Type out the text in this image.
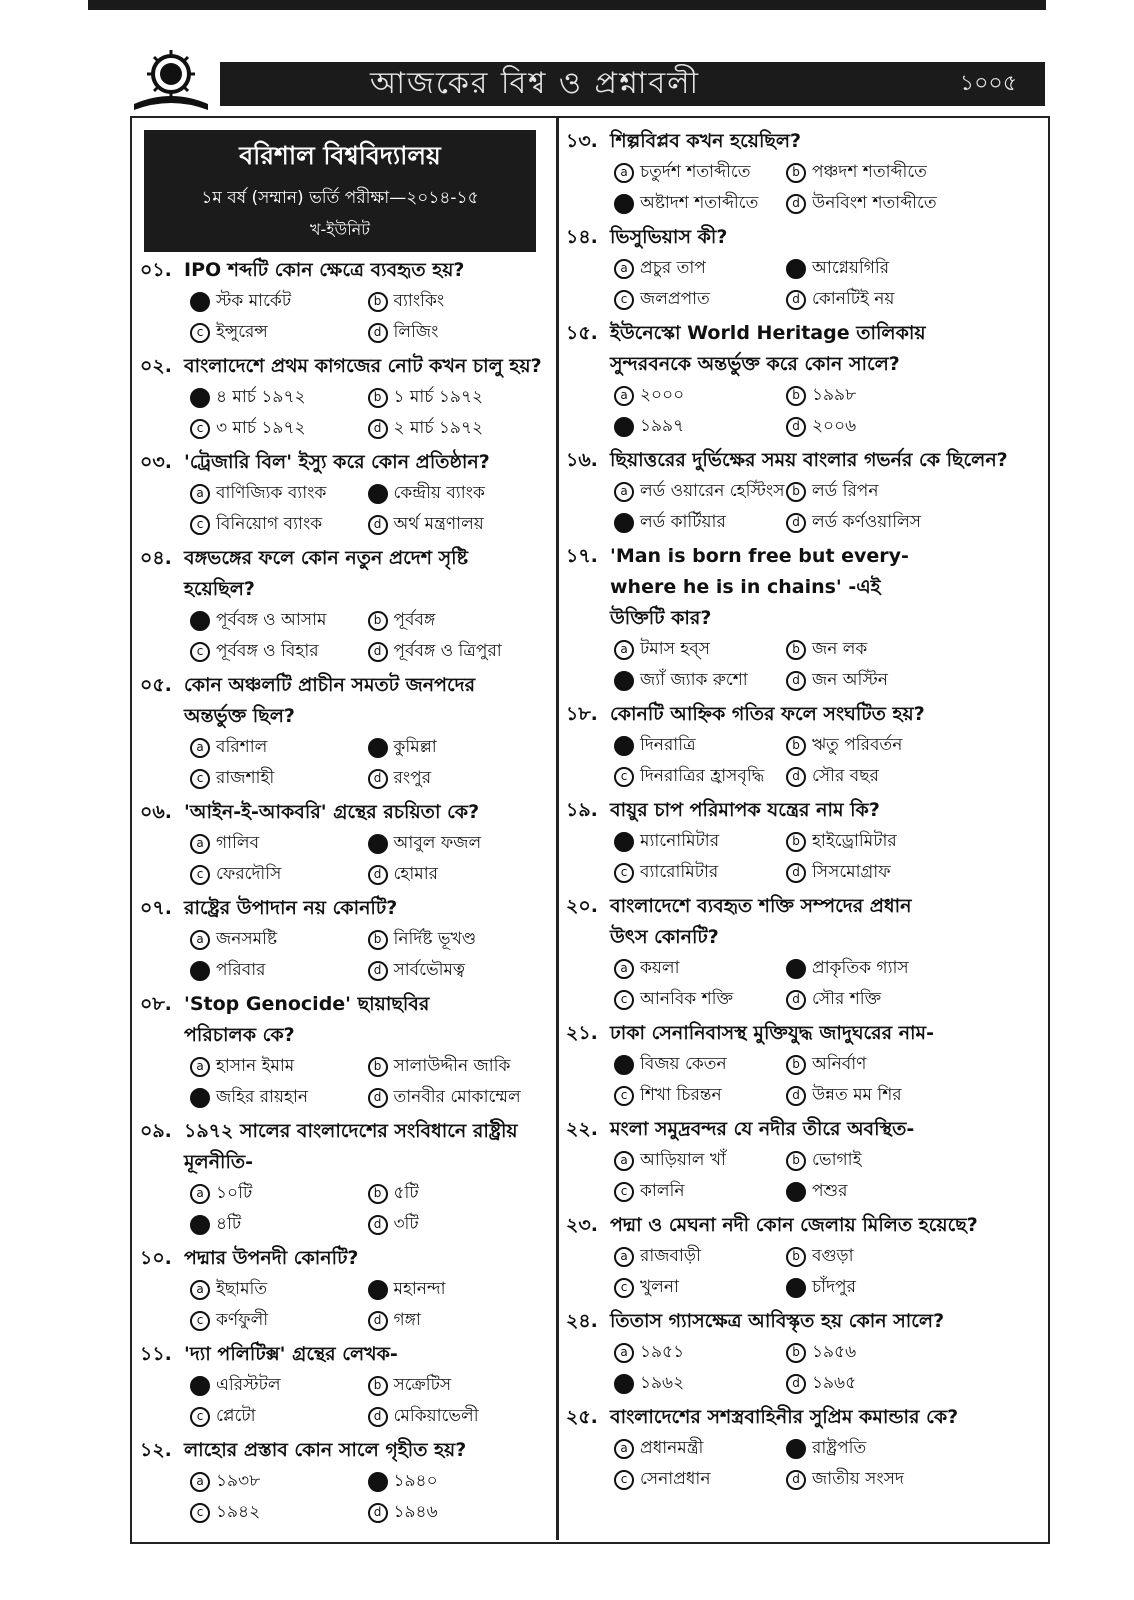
আজকের বিশ্ব ও প্রশ্নাবলী	১০০৫
বরিশাল বিশ্ববিদ্যালয়
১ম বর্ষ (সম্মান) ভর্তি পরীক্ষা—২০১৪-১৫
খ-ইউনিট
০১. IPO শব্দটি কোন ক্ষেত্রে ব্যবহৃত হয়?
স্টক মার্কেট	b ব্যাংকিং
c ইন্সুরেন্স	d লিজিং
০২. বাংলাদেশে প্রথম কাগজের নোট কখন চালু হয়?
৪ মার্চ ১৯৭২	b ১ মার্চ ১৯৭২
c ৩ মার্চ ১৯৭২	d ২ মার্চ ১৯৭২
০৩. 'ট্রেজারি বিল' ইস্যু করে কোন প্রতিষ্ঠান?
a বাণিজ্যিক ব্যাংক	কেন্দ্রীয় ব্যাংক
c বিনিয়োগ ব্যাংক	d অর্থ মন্ত্রণালয়
০৪. বঙ্গভঙ্গের ফলে কোন নতুন প্রদেশ সৃষ্টি
হয়েছিল?
পূর্ববঙ্গ ও আসাম	b পূর্ববঙ্গ
c পূর্ববঙ্গ ও বিহার	d পূর্ববঙ্গ ও ত্রিপুরা
০৫. কোন অঞ্চলটি প্রাচীন সমতট জনপদের
অন্তর্ভুক্ত ছিল?
a বরিশাল	কুমিল্লা
c রাজশাহী	d রংপুর
০৬. 'আইন-ই-আকবরি' গ্রন্থের রচয়িতা কে?
a গালিব	আবুল ফজল
c ফেরদৌসি	d হোমার
০৭. রাষ্ট্রের উপাদান নয় কোনটি?
a জনসমষ্টি	b নির্দিষ্ট ভূখণ্ড
পরিবার	d সার্বভৌমত্ব
০৮. 'Stop Genocide' ছায়াছবির
পরিচালক কে?
a হাসান ইমাম	b সালাউদ্দীন জাকি
জহির রায়হান	d তানবীর মোকাম্মেল
০৯. ১৯৭২ সালের বাংলাদেশের সংবিধানে রাষ্ট্রীয়
মূলনীতি-
a ১০টি	b ৫টি
৪টি	d ৩টি
১০. পদ্মার উপনদী কোনটি?
a ইছামতি	মহানন্দা
c কর্ণফুলী	d গঙ্গা
১১. 'দ্যা পলিটিক্স' গ্রন্থের লেখক-
এরিস্টটল	b সক্রেটিস
c প্লেটো	d মেকিয়াভেলী
১২. লাহোর প্রস্তাব কোন সালে গৃহীত হয়?
a ১৯৩৮	১৯৪০
c ১৯৪২	d ১৯৪৬
১৩. শিল্পবিপ্লব কখন হয়েছিল?
a চতুর্দশ শতাব্দীতে	b পঞ্চদশ শতাব্দীতে
অষ্টাদশ শতাব্দীতে	d উনবিংশ শতাব্দীতে
১৪. ভিসুভিয়াস কী?
a প্রচুর তাপ	আগ্নেয়গিরি
c জলপ্রপাত	d কোনটিই নয়
১৫. ইউনেস্কো World Heritage তালিকায়
সুন্দরবনকে অন্তর্ভুক্ত করে কোন সালে?
a ২০০০	b ১৯৯৮
১৯৯৭	d ২০০৬
১৬. ছিয়াত্তরের দুর্ভিক্ষের সময় বাংলার গভর্নর কে ছিলেন?
a লর্ড ওয়ারেন হেস্টিংস b লর্ড রিপন
লর্ড কার্টিয়ার	d লর্ড কর্ণওয়ালিস
১৭. 'Man is born free but every-
where he is in chains' -এই
উক্তিটি কার?
a টমাস হব্স	b জন লক
জ্যাঁ জ্যাক রুশো	d জন অস্টিন
১৮. কোনটি আহ্নিক গতির ফলে সংঘটিত হয়?
দিনরাত্রি	b ঋতু পরিবর্তন
c দিনরাত্রির হ্রাসবৃদ্ধি	d সৌর বছর
১৯. বায়ুর চাপ পরিমাপক যন্ত্রের নাম কি?
ম্যানোমিটার	b হাইড্রোমিটার
c ব্যারোমিটার	d সিসমোগ্রাফ
২০. বাংলাদেশে ব্যবহৃত শক্তি সম্পদের প্রধান
উৎস কোনটি?
a কয়লা	প্রাকৃতিক গ্যাস
c আনবিক শক্তি	d সৌর শক্তি
২১. ঢাকা সেনানিবাসস্থ মুক্তিযুদ্ধ জাদুঘরের নাম-
বিজয় কেতন	b অনির্বাণ
c শিখা চিরন্তন	d উন্নত মম শির
২২. মংলা সমুদ্রবন্দর যে নদীর তীরে অবস্থিত-
a আড়িয়াল খাঁ	b ভোগাই
c কালনি	পশুর
২৩. পদ্মা ও মেঘনা নদী কোন জেলায় মিলিত হয়েছে?
a রাজবাড়ী	b বগুড়া
c খুলনা	চাঁদপুর
২৪. তিতাস গ্যাসক্ষেত্র আবিস্কৃত হয় কোন সালে?
a ১৯৫১	b ১৯৫৬
১৯৬২	d ১৯৬৫
২৫. বাংলাদেশের সশস্ত্রবাহিনীর সুপ্রিম কমান্ডার কে?
a প্রধানমন্ত্রী	রাষ্ট্রপতি
c সেনাপ্রধান	d জাতীয় সংসদ
